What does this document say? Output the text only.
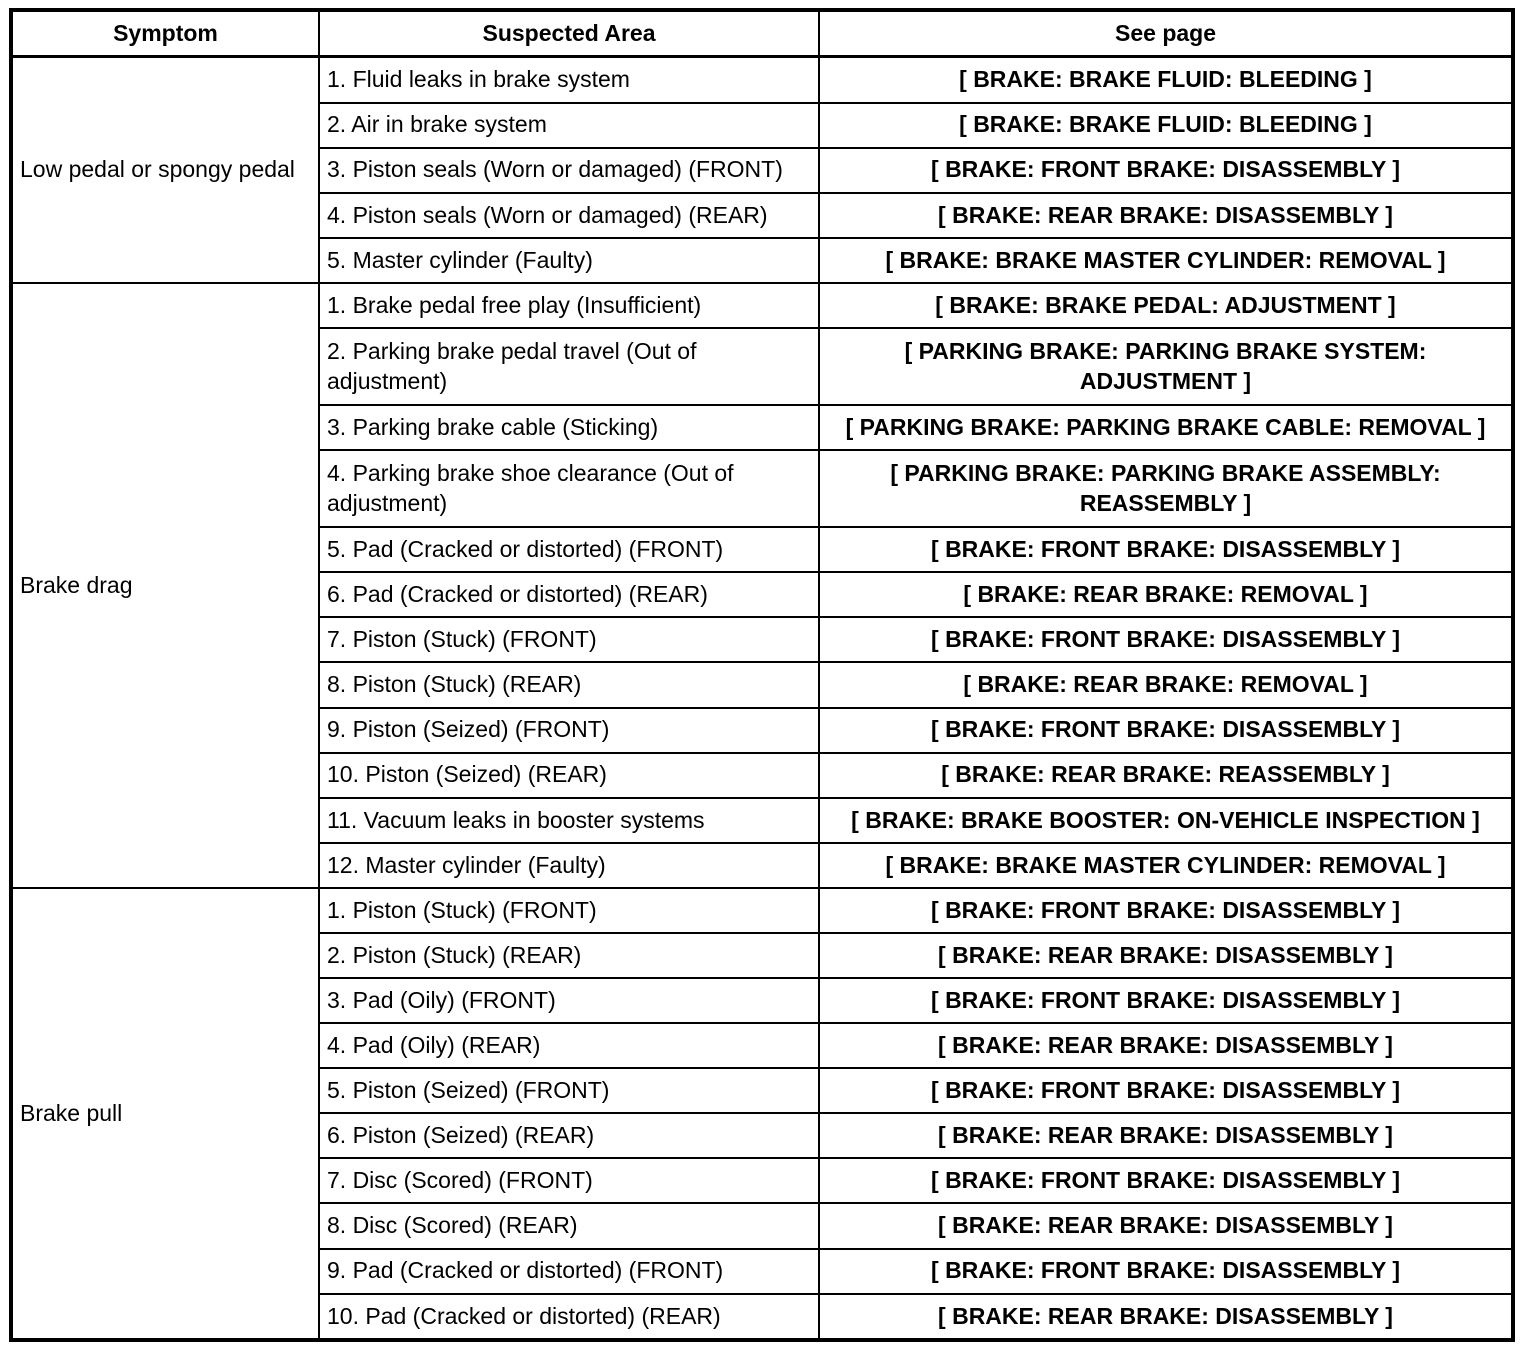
Symptom	Suspected Area	See page
Low pedal or spongy pedal	1. Fluid leaks in brake system	[ BRAKE: BRAKE FLUID: BLEEDING ]
	2. Air in brake system	[ BRAKE: BRAKE FLUID: BLEEDING ]
	3. Piston seals (Worn or damaged) (FRONT)	[ BRAKE: FRONT BRAKE: DISASSEMBLY ]
	4. Piston seals (Worn or damaged) (REAR)	[ BRAKE: REAR BRAKE: DISASSEMBLY ]
	5. Master cylinder (Faulty)	[ BRAKE: BRAKE MASTER CYLINDER: REMOVAL ]
Brake drag	1. Brake pedal free play (Insufficient)	[ BRAKE: BRAKE PEDAL: ADJUSTMENT ]
	2. Parking brake pedal travel (Out of adjustment)	[ PARKING BRAKE: PARKING BRAKE SYSTEM: ADJUSTMENT ]
	3. Parking brake cable (Sticking)	[ PARKING BRAKE: PARKING BRAKE CABLE: REMOVAL ]
	4. Parking brake shoe clearance (Out of adjustment)	[ PARKING BRAKE: PARKING BRAKE ASSEMBLY: REASSEMBLY ]
	5. Pad (Cracked or distorted) (FRONT)	[ BRAKE: FRONT BRAKE: DISASSEMBLY ]
	6. Pad (Cracked or distorted) (REAR)	[ BRAKE: REAR BRAKE: REMOVAL ]
	7. Piston (Stuck) (FRONT)	[ BRAKE: FRONT BRAKE: DISASSEMBLY ]
	8. Piston (Stuck) (REAR)	[ BRAKE: REAR BRAKE: REMOVAL ]
	9. Piston (Seized) (FRONT)	[ BRAKE: FRONT BRAKE: DISASSEMBLY ]
	10. Piston (Seized) (REAR)	[ BRAKE: REAR BRAKE: REASSEMBLY ]
	11. Vacuum leaks in booster systems	[ BRAKE: BRAKE BOOSTER: ON-VEHICLE INSPECTION ]
	12. Master cylinder (Faulty)	[ BRAKE: BRAKE MASTER CYLINDER: REMOVAL ]
Brake pull	1. Piston (Stuck) (FRONT)	[ BRAKE: FRONT BRAKE: DISASSEMBLY ]
	2. Piston (Stuck) (REAR)	[ BRAKE: REAR BRAKE: DISASSEMBLY ]
	3. Pad (Oily) (FRONT)	[ BRAKE: FRONT BRAKE: DISASSEMBLY ]
	4. Pad (Oily) (REAR)	[ BRAKE: REAR BRAKE: DISASSEMBLY ]
	5. Piston (Seized) (FRONT)	[ BRAKE: FRONT BRAKE: DISASSEMBLY ]
	6. Piston (Seized) (REAR)	[ BRAKE: REAR BRAKE: DISASSEMBLY ]
	7. Disc (Scored) (FRONT)	[ BRAKE: FRONT BRAKE: DISASSEMBLY ]
	8. Disc (Scored) (REAR)	[ BRAKE: REAR BRAKE: DISASSEMBLY ]
	9. Pad (Cracked or distorted) (FRONT)	[ BRAKE: FRONT BRAKE: DISASSEMBLY ]
	10. Pad (Cracked or distorted) (REAR)	[ BRAKE: REAR BRAKE: DISASSEMBLY ]
